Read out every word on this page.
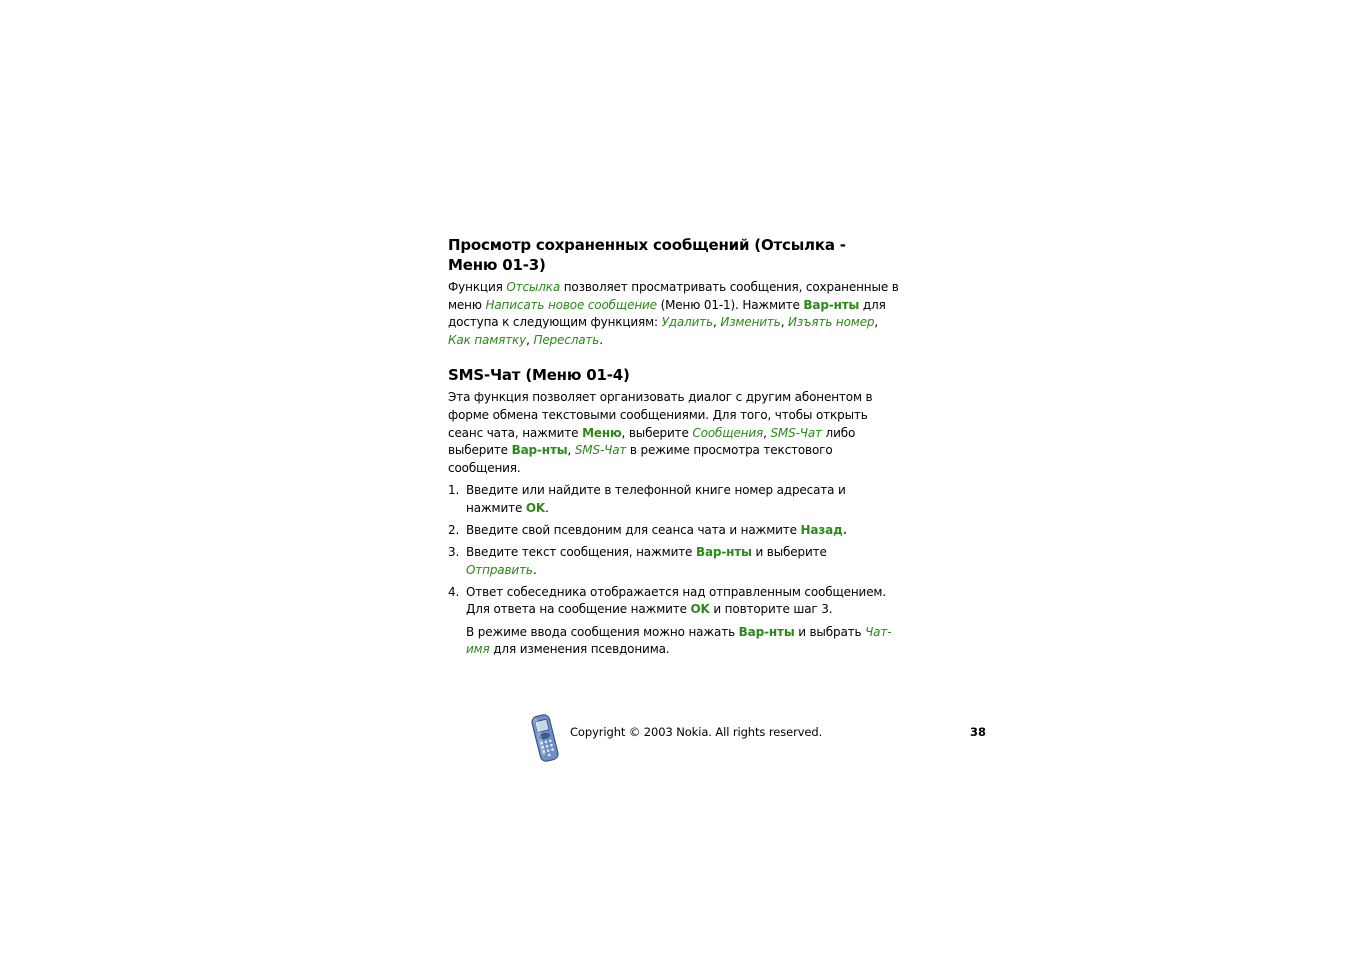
Просмотр сохраненных сообщений (Отсылка - Меню 01-3)

Функция Отсылка позволяет просматривать сообщения, сохраненные в меню Написать новое сообщение (Меню 01-1). Нажмите Вар-нты для доступа к следующим функциям: Удалить, Изменить, Изъять номер, Как памятку, Переслать.

SMS-Чат (Меню 01-4)

Эта функция позволяет организовать диалог с другим абонентом в форме обмена текстовыми сообщениями. Для того, чтобы открыть сеанс чата, нажмите Меню, выберите Сообщения, SMS-Чат либо выберите Вар-нты, SMS-Чат в режиме просмотра текстового сообщения.

1. Введите или найдите в телефонной книге номер адресата и нажмите OK.
2. Введите свой псевдоним для сеанса чата и нажмите Назад.
3. Введите текст сообщения, нажмите Вар-нты и выберите Отправить.
4. Ответ собеседника отображается над отправленным сообщением. Для ответа на сообщение нажмите OK и повторите шаг 3.

В режиме ввода сообщения можно нажать Вар-нты и выбрать Чат-имя для изменения псевдонима.

Copyright © 2003 Nokia. All rights reserved.	38
